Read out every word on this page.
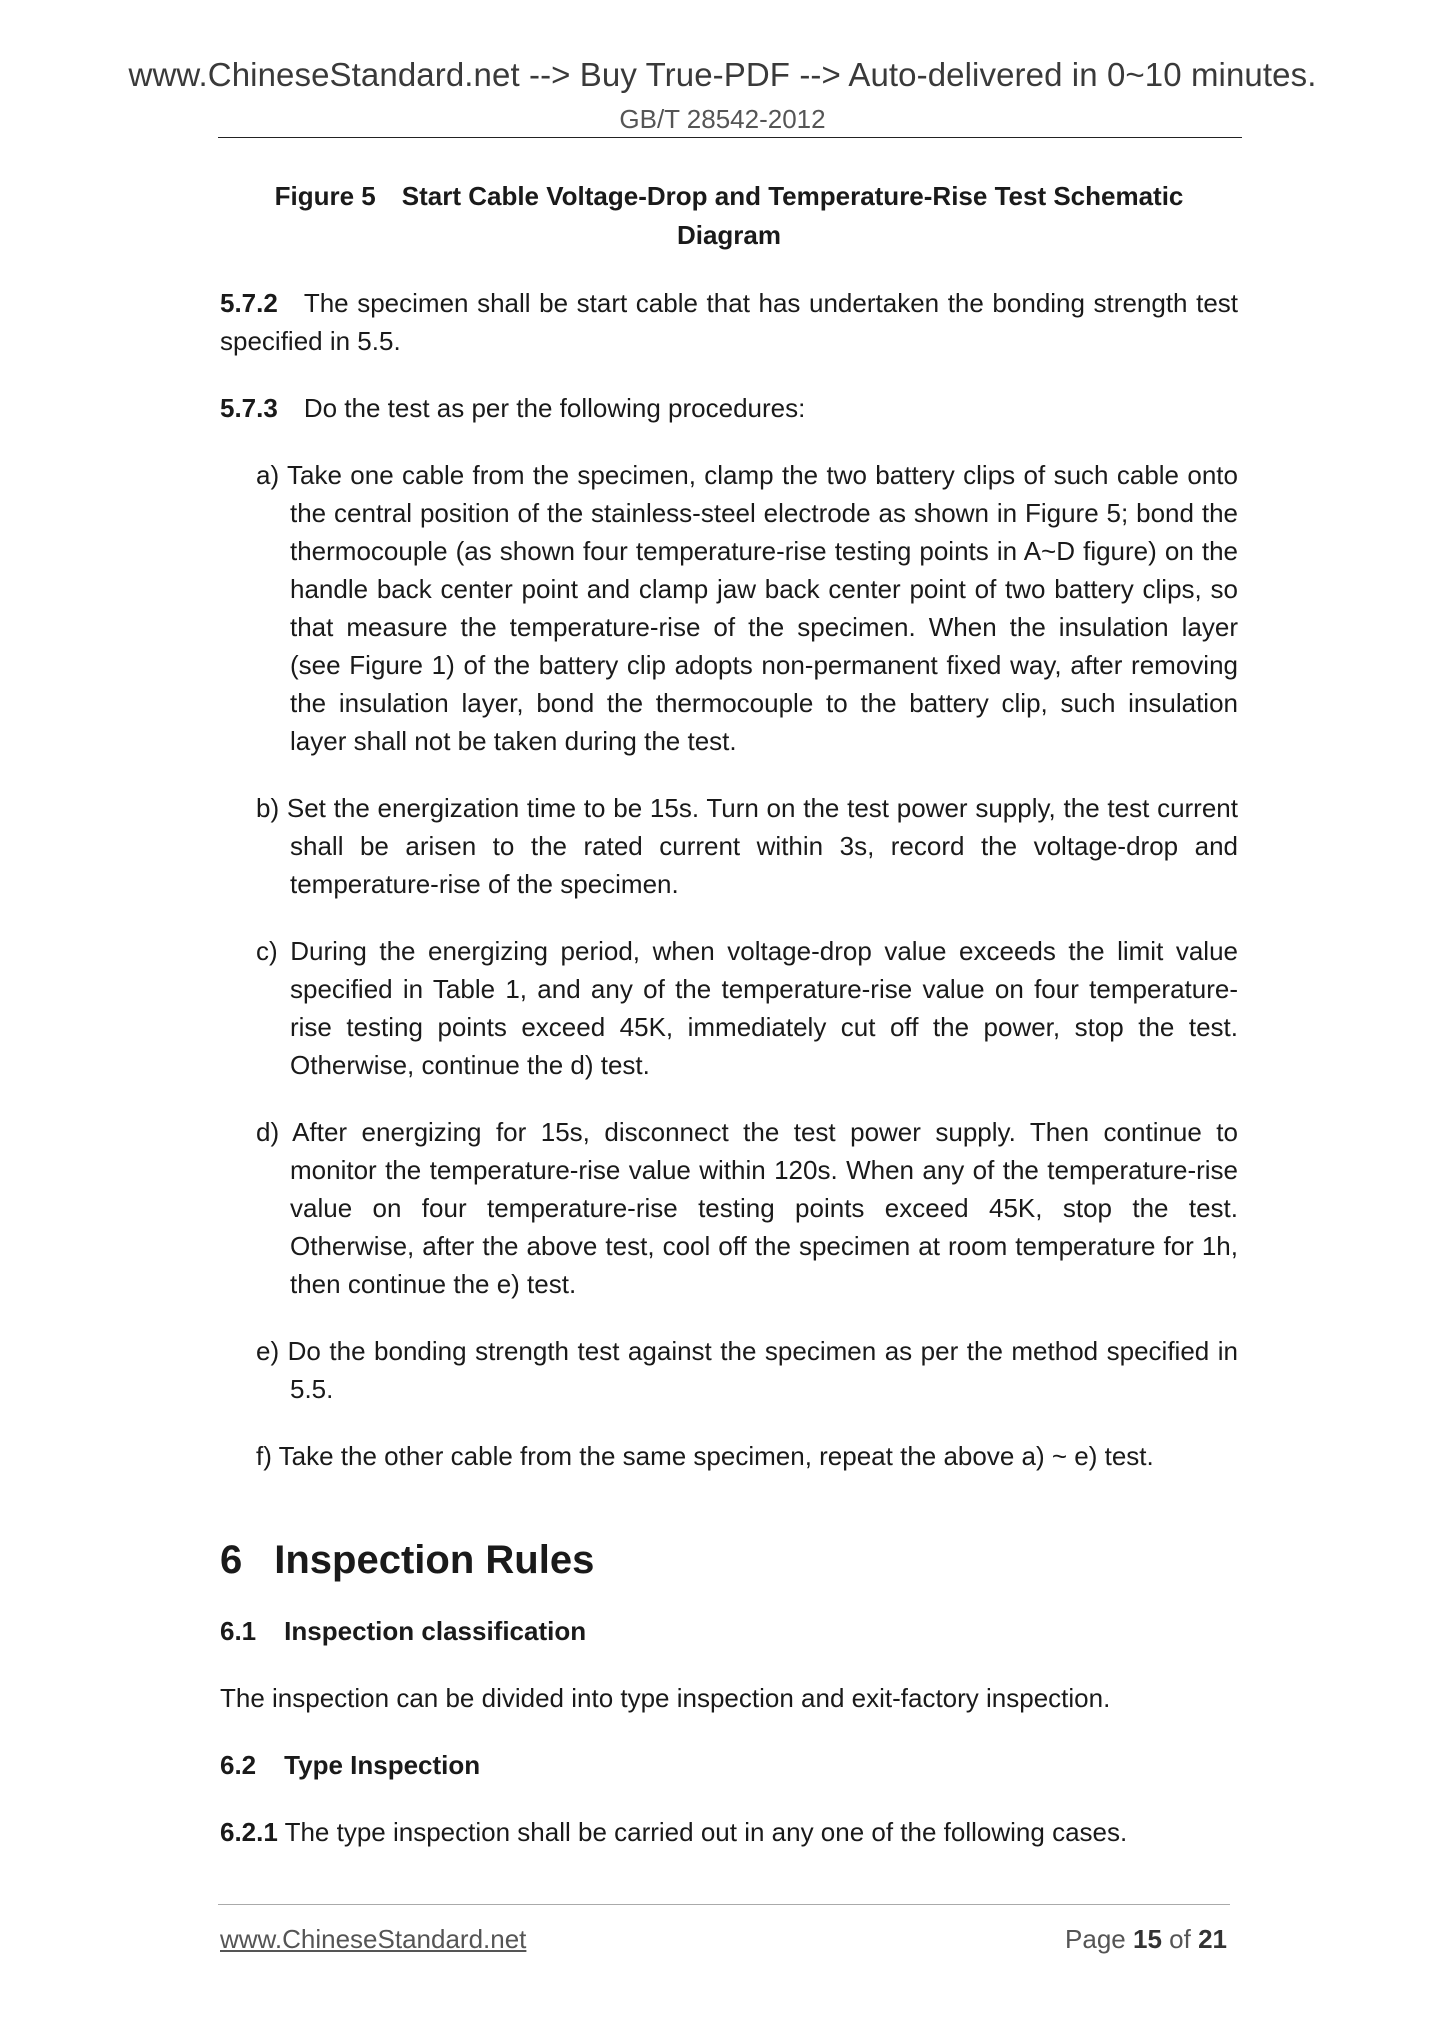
www.ChineseStandard.net --> Buy True-PDF --> Auto-delivered in 0~10 minutes.
GB/T 28542-2012
Figure 5 Start Cable Voltage-Drop and Temperature-Rise Test Schematic Diagram

5.7.2 The specimen shall be start cable that has undertaken the bonding strength test specified in 5.5.

5.7.3 Do the test as per the following procedures:

a) Take one cable from the specimen, clamp the two battery clips of such cable onto the central position of the stainless-steel electrode as shown in Figure 5; bond the thermocouple (as shown four temperature-rise testing points in A~D figure) on the handle back center point and clamp jaw back center point of two battery clips, so that measure the temperature-rise of the specimen. When the insulation layer (see Figure 1) of the battery clip adopts non-permanent fixed way, after removing the insulation layer, bond the thermocouple to the battery clip, such insulation layer shall not be taken during the test.
b) Set the energization time to be 15s. Turn on the test power supply, the test current shall be arisen to the rated current within 3s, record the voltage-drop and temperature-rise of the specimen.
c) During the energizing period, when voltage-drop value exceeds the limit value specified in Table 1, and any of the temperature-rise value on four temperature-rise testing points exceed 45K, immediately cut off the power, stop the test. Otherwise, continue the d) test.
d) After energizing for 15s, disconnect the test power supply. Then continue to monitor the temperature-rise value within 120s. When any of the temperature-rise value on four temperature-rise testing points exceed 45K, stop the test. Otherwise, after the above test, cool off the specimen at room temperature for 1h, then continue the e) test.
e) Do the bonding strength test against the specimen as per the method specified in 5.5.
f) Take the other cable from the same specimen, repeat the above a) ~ e) test.
6 Inspection Rules
6.1 Inspection classification

The inspection can be divided into type inspection and exit-factory inspection.

6.2 Type Inspection

6.2.1 The type inspection shall be carried out in any one of the following cases.

www.ChineseStandard.net	Page 15 of 21
